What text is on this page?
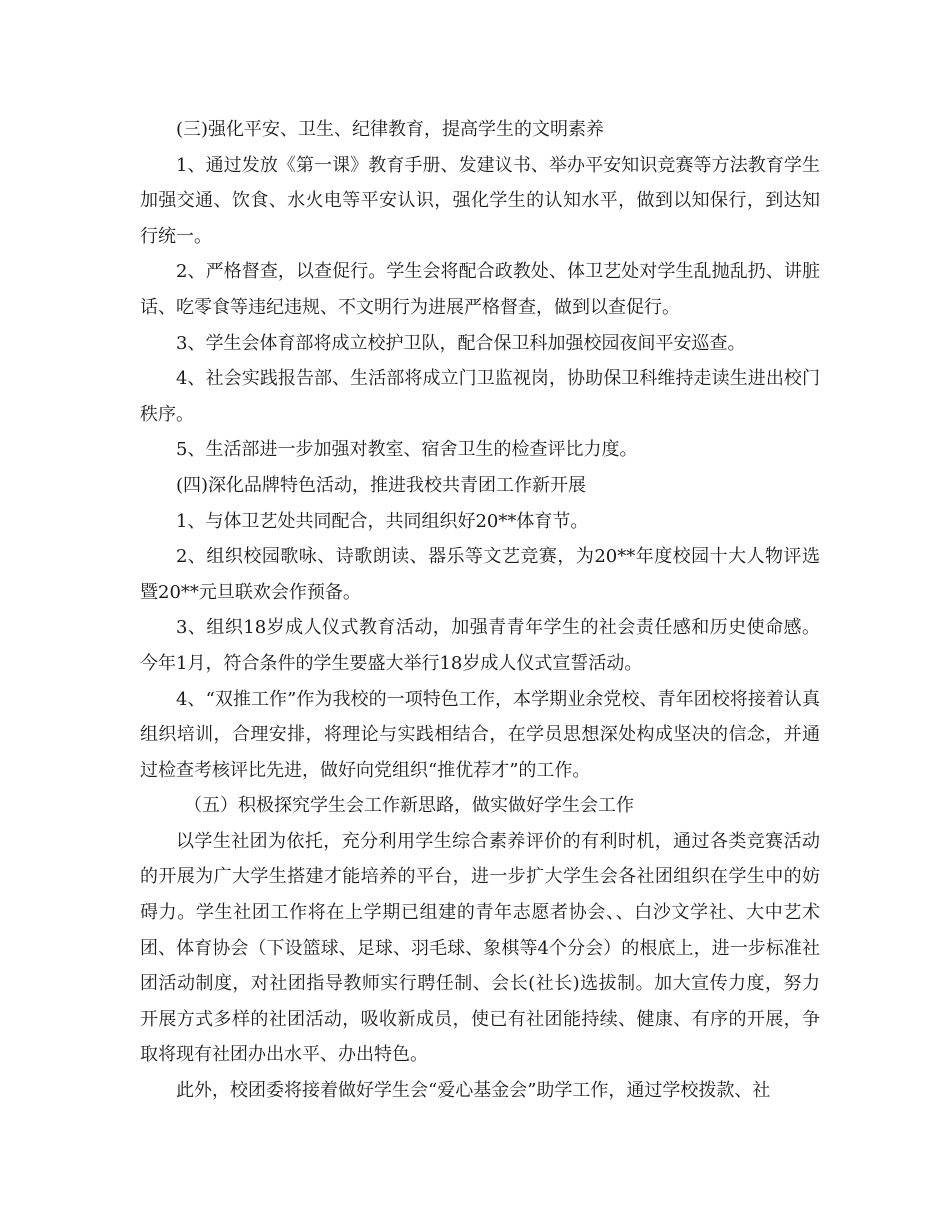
(三)强化平安、卫生、纪律教育，提高学生的文明素养

1、通过发放《第一课》教育手册、发建议书、举办平安知识竞赛等方法教育学生加强交通、饮食、水火电等平安认识，强化学生的认知水平，做到以知保行，到达知行统一。

2、严格督查，以查促行。学生会将配合政教处、体卫艺处对学生乱抛乱扔、讲脏话、吃零食等违纪违规、不文明行为进展严格督查，做到以查促行。

3、学生会体育部将成立校护卫队，配合保卫科加强校园夜间平安巡查。

4、社会实践报告部、生活部将成立门卫监视岗，协助保卫科维持走读生进出校门秩序。

5、生活部进一步加强对教室、宿舍卫生的检查评比力度。

(四)深化品牌特色活动，推进我校共青团工作新开展

1、与体卫艺处共同配合，共同组织好20**体育节。

2、组织校园歌咏、诗歌朗读、器乐等文艺竞赛，为20**年度校园十大人物评选暨20**元旦联欢会作预备。

3、组织18岁成人仪式教育活动，加强青青年学生的社会责任感和历史使命感。今年1月，符合条件的学生要盛大举行18岁成人仪式宣誓活动。

4、“双推工作”作为我校的一项特色工作，本学期业余党校、青年团校将接着认真组织培训，合理安排，将理论与实践相结合，在学员思想深处构成坚决的信念，并通过检查考核评比先进，做好向党组织“推优荐才”的工作。

（五）积极探究学生会工作新思路，做实做好学生会工作

以学生社团为依托，充分利用学生综合素养评价的有利时机，通过各类竞赛活动的开展为广大学生搭建才能培养的平台，进一步扩大学生会各社团组织在学生中的妨碍力。学生社团工作将在上学期已组建的青年志愿者协会、、白沙文学社、大中艺术团、体育协会（下设篮球、足球、羽毛球、象棋等4个分会）的根底上，进一步标准社团活动制度，对社团指导教师实行聘任制、会长(社长)选拔制。加大宣传力度，努力开展方式多样的社团活动，吸收新成员，使已有社团能持续、健康、有序的开展，争取将现有社团办出水平、办出特色。

此外，校团委将接着做好学生会“爱心基金会”助学工作，通过学校拨款、社
